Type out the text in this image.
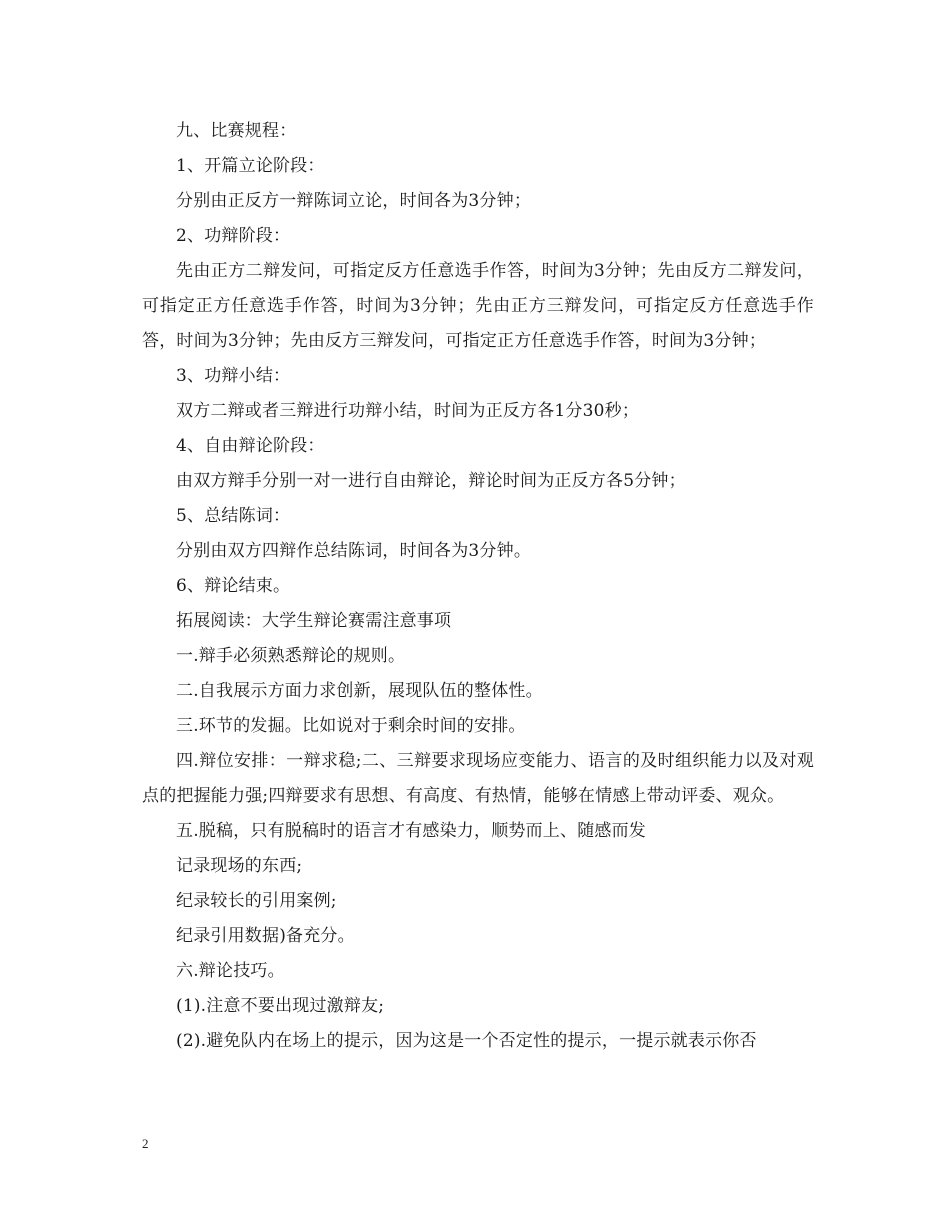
九、比赛规程：

1、开篇立论阶段：

分别由正反方一辩陈词立论，时间各为3分钟；

2、功辩阶段：

先由正方二辩发问，可指定反方任意选手作答，时间为3分钟；先由反方二辩发问，可指定正方任意选手作答，时间为3分钟；先由正方三辩发问，可指定反方任意选手作答，时间为3分钟；先由反方三辩发问，可指定正方任意选手作答，时间为3分钟；

3、功辩小结：

双方二辩或者三辩进行功辩小结，时间为正反方各1分30秒；

4、自由辩论阶段：

由双方辩手分别一对一进行自由辩论，辩论时间为正反方各5分钟；

5、总结陈词：

分别由双方四辩作总结陈词，时间各为3分钟。

6、辩论结束。

拓展阅读：大学生辩论赛需注意事项

一.辩手必须熟悉辩论的规则。

二.自我展示方面力求创新，展现队伍的整体性。

三.环节的发掘。比如说对于剩余时间的安排。

四.辩位安排：一辩求稳;二、三辩要求现场应变能力、语言的及时组织能力以及对观点的把握能力强;四辩要求有思想、有高度、有热情，能够在情感上带动评委、观众。

五.脱稿，只有脱稿时的语言才有感染力，顺势而上、随感而发

记录现场的东西;

纪录较长的引用案例;

纪录引用数据)备充分。

六.辩论技巧。

(1).注意不要出现过激辩友;

(2).避免队内在场上的提示，因为这是一个否定性的提示，一提示就表示你否

2
